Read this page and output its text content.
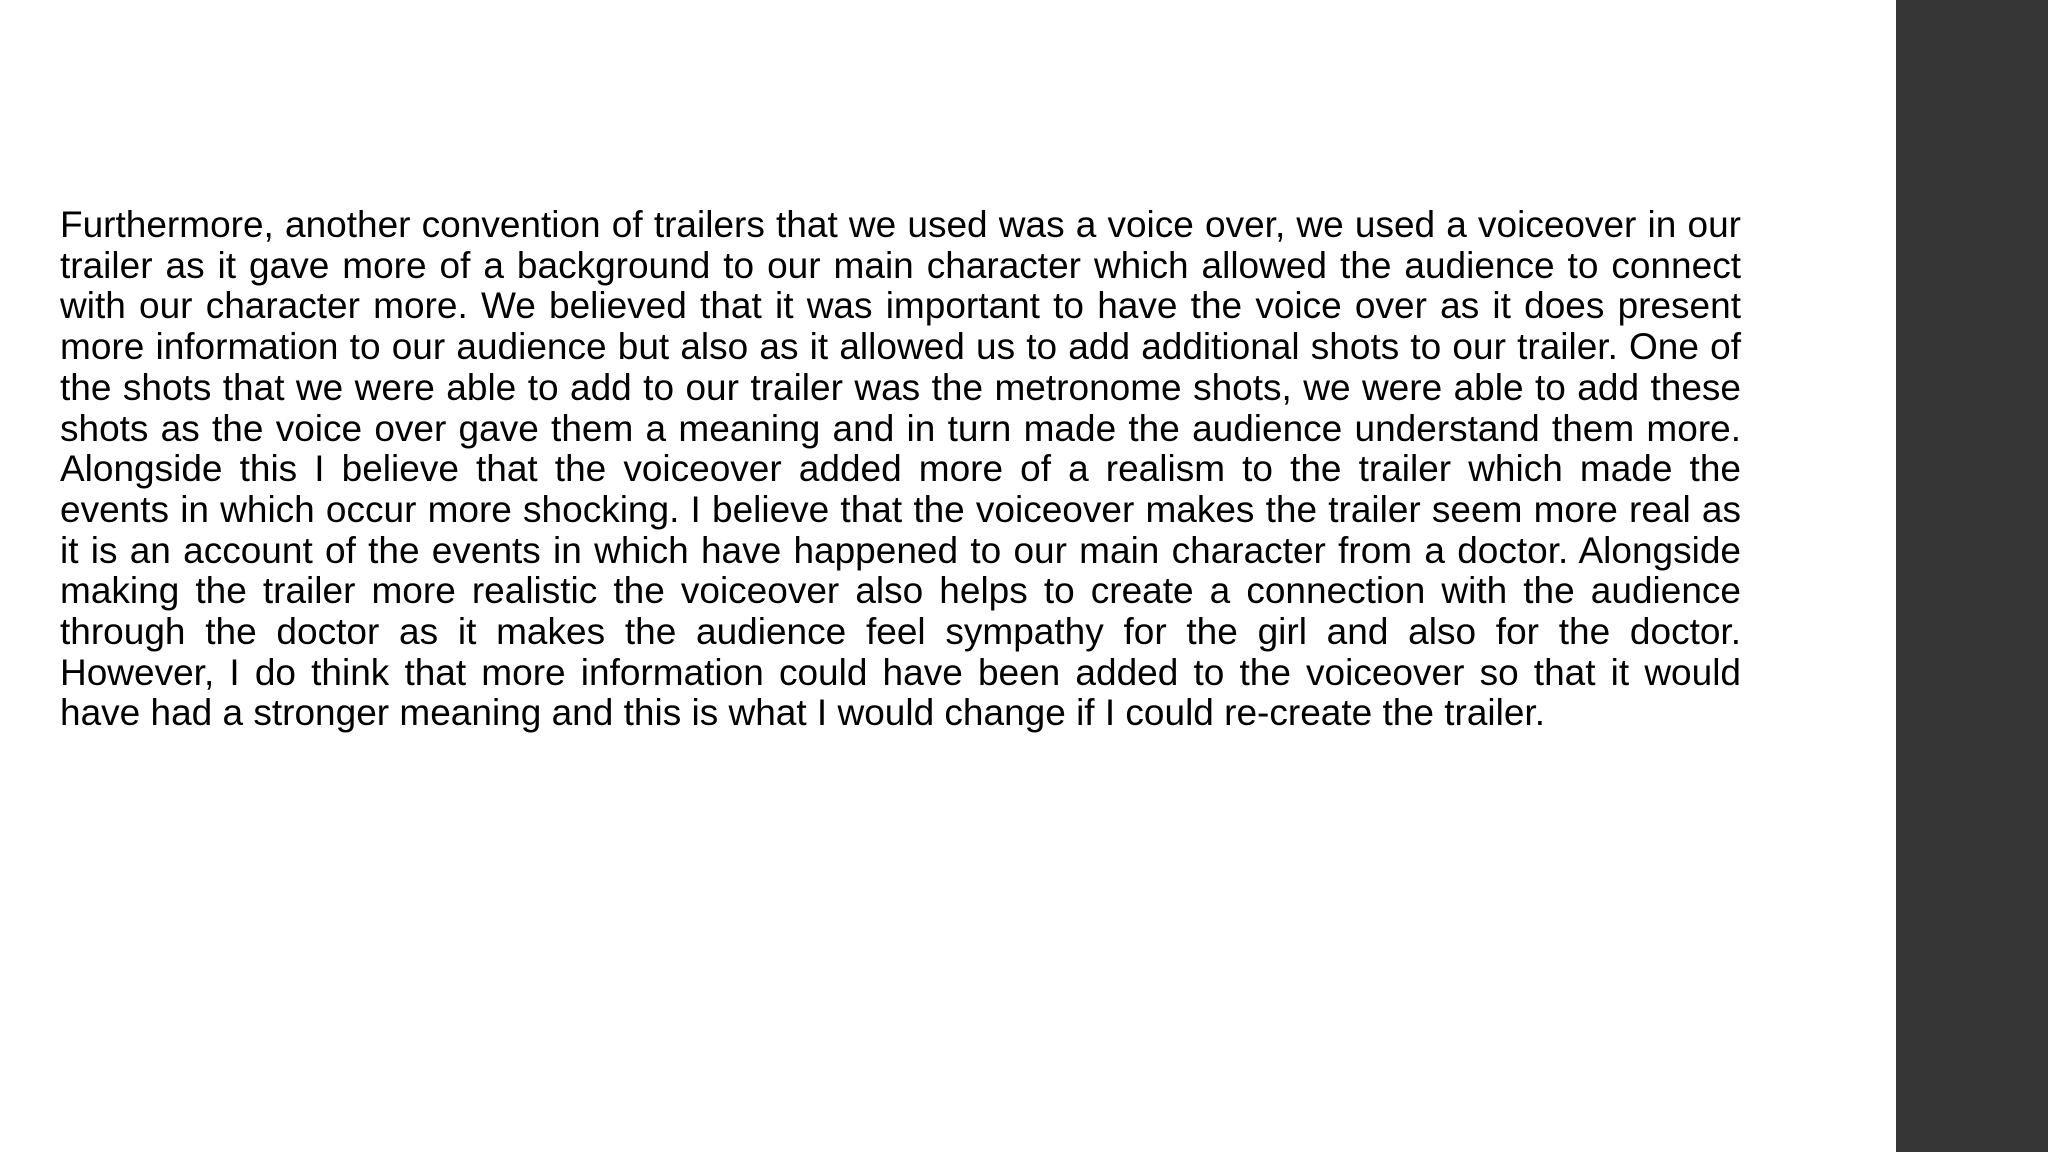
Furthermore, another convention of trailers that we used was a voice over, we used a voiceover in our trailer as it gave more of a background to our main character which allowed the audience to connect with our character more. We believed that it was important to have the voice over as it does present more information to our audience but also as it allowed us to add additional shots to our trailer. One of the shots that we were able to add to our trailer was the metronome shots, we were able to add these shots as the voice over gave them a meaning and in turn made the audience understand them more. Alongside this I believe that the voiceover added more of a realism to the trailer which made the events in which occur more shocking. I believe that the voiceover makes the trailer seem more real as it is an account of the events in which have happened to our main character from a doctor. Alongside making the trailer more realistic the voiceover also helps to create a connection with the audience through the doctor as it makes the audience feel sympathy for the girl and also for the doctor. However, I do think that more information could have been added to the voiceover so that it would have had a stronger meaning and this is what I would change if I could re-create the trailer.
